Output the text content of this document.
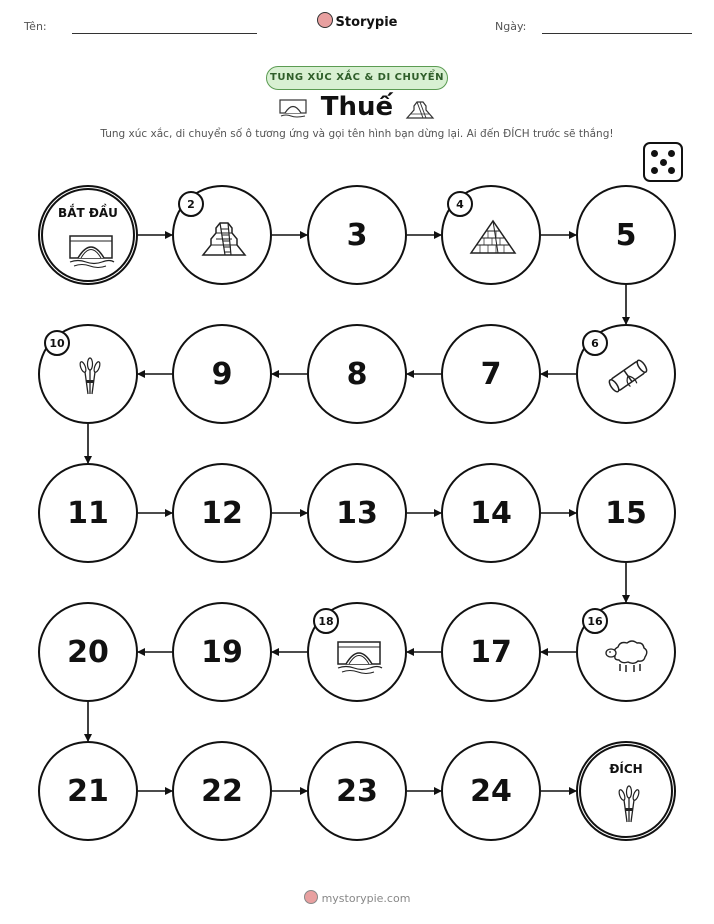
Tên:	Storypie	Ngày:
TUNG XÚC XẮC & DI CHUYỂN
Thuế
Tung xúc xắc, di chuyển số ô tương ứng và gọi tên hình bạn dừng lại. Ai đến ĐÍCH trước sẽ thắng!
BẮT ĐẦU
2
3
4
5
6
7
8
9
10
11	12	13	14	15
16
17
18
19
20
21	22	23	24
ĐÍCH
mystorypie.com
